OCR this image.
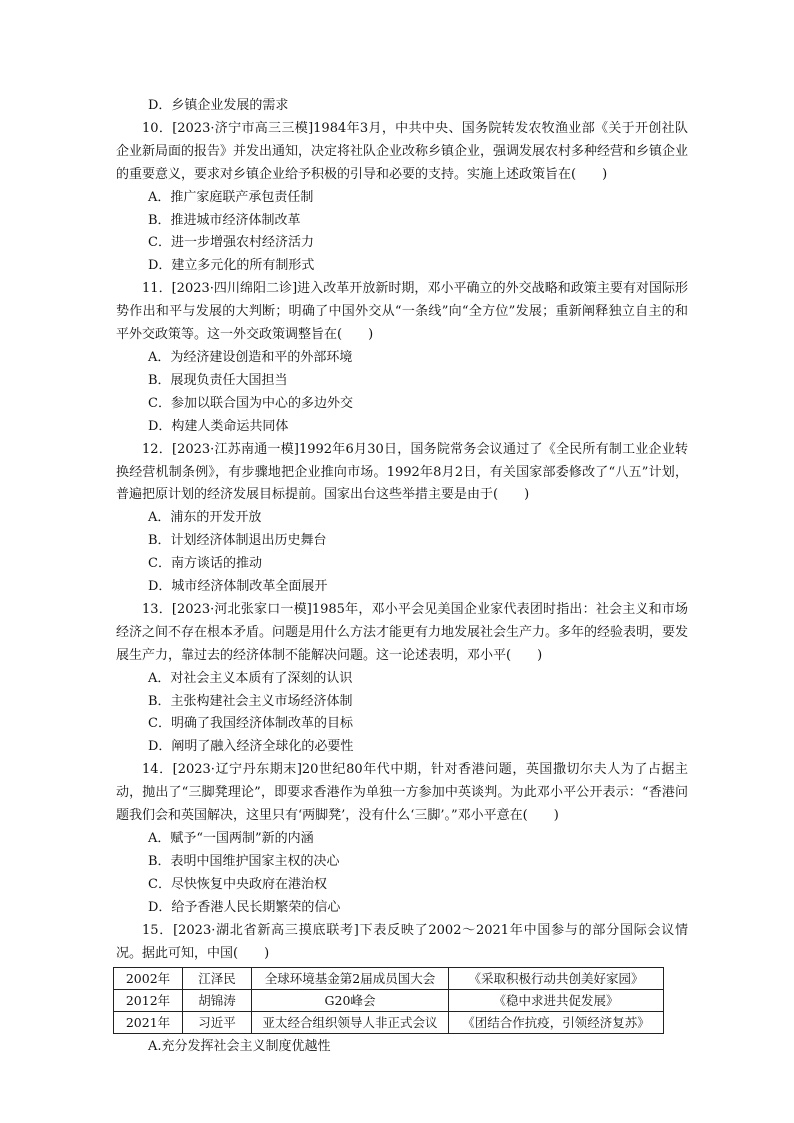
D．乡镇企业发展的需求

10．[2023·济宁市高三三模]1984年3月，中共中央、国务院转发农牧渔业部《关于开创社队企业新局面的报告》并发出通知，决定将社队企业改称乡镇企业，强调发展农村多种经营和乡镇企业的重要意义，要求对乡镇企业给予积极的引导和必要的支持。实施上述政策旨在(　　)

A．推广家庭联产承包责任制

B．推进城市经济体制改革

C．进一步增强农村经济活力

D．建立多元化的所有制形式

11．[2023·四川绵阳二诊]进入改革开放新时期，邓小平确立的外交战略和政策主要有对国际形势作出和平与发展的大判断；明确了中国外交从“一条线”向“全方位”发展；重新阐释独立自主的和平外交政策等。这一外交政策调整旨在(　　)

A．为经济建设创造和平的外部环境

B．展现负责任大国担当

C．参加以联合国为中心的多边外交

D．构建人类命运共同体

12．[2023·江苏南通一模]1992年6月30日，国务院常务会议通过了《全民所有制工业企业转换经营机制条例》，有步骤地把企业推向市场。1992年8月2日，有关国家部委修改了“八五”计划，普遍把原计划的经济发展目标提前。国家出台这些举措主要是由于(　　)

A．浦东的开发开放

B．计划经济体制退出历史舞台

C．南方谈话的推动

D．城市经济体制改革全面展开

13．[2023·河北张家口一模]1985年，邓小平会见美国企业家代表团时指出：社会主义和市场经济之间不存在根本矛盾。问题是用什么方法才能更有力地发展社会生产力。多年的经验表明，要发展生产力，靠过去的经济体制不能解决问题。这一论述表明，邓小平(　　)

A．对社会主义本质有了深刻的认识

B．主张构建社会主义市场经济体制

C．明确了我国经济体制改革的目标

D．阐明了融入经济全球化的必要性

14．[2023·辽宁丹东期末]20世纪80年代中期，针对香港问题，英国撒切尔夫人为了占据主动，抛出了“三脚凳理论”，即要求香港作为单独一方参加中英谈判。为此邓小平公开表示：“香港问题我们会和英国解决，这里只有‘两脚凳’，没有什么‘三脚’。”邓小平意在(　　)

A．赋予“一国两制”新的内涵

B．表明中国维护国家主权的决心

C．尽快恢复中央政府在港治权

D．给予香港人民长期繁荣的信心

15．[2023·湖北省新高三摸底联考]下表反映了2002～2021年中国参与的部分国际会议情况。据此可知，中国(　　)

2002年	江泽民	全球环境基金第2届成员国大会	《采取积极行动共创美好家园》
2012年	胡锦涛	G20峰会	《稳中求进共促发展》
2021年	习近平	亚太经合组织领导人非正式会议	《团结合作抗疫，引领经济复苏》

A.充分发挥社会主义制度优越性
